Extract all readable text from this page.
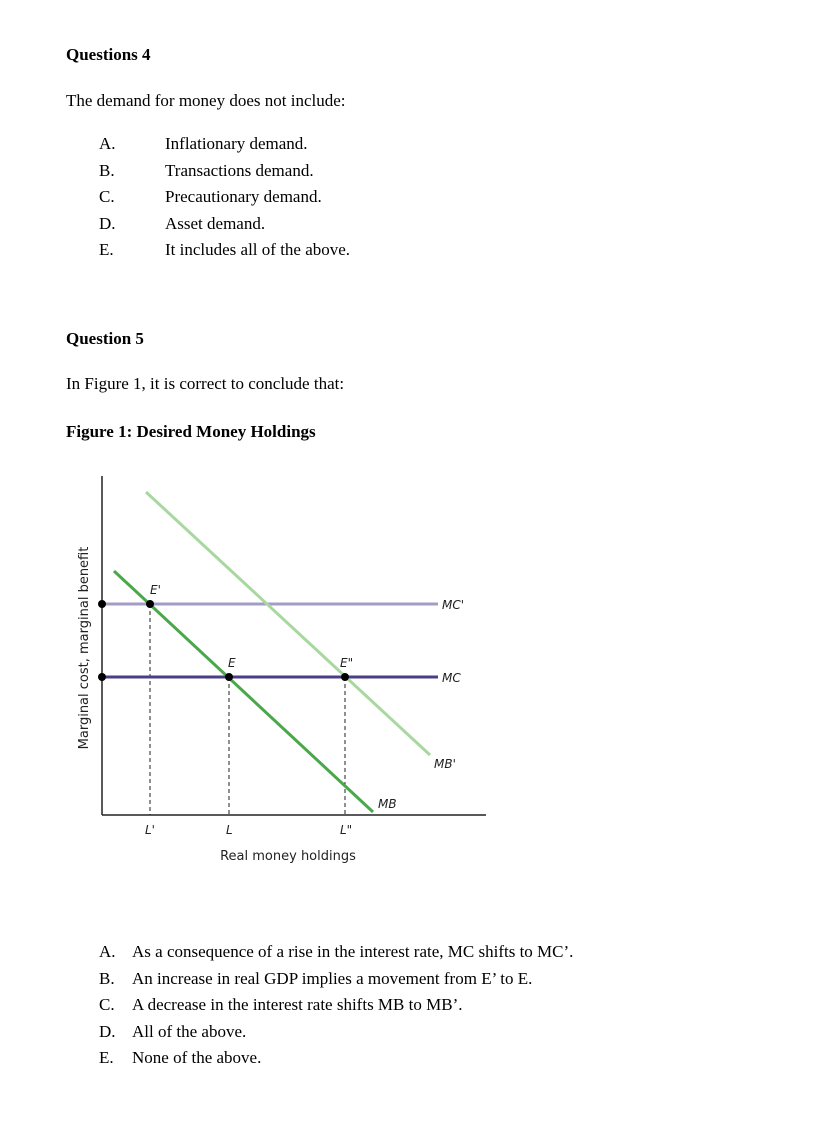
Questions 4
The demand for money does not include:
A.	Inflationary demand.
B.	Transactions demand.
C.	Precautionary demand.
D.	Asset demand.
E.	It includes all of the above.
Question 5
In Figure 1, it is correct to conclude that:
Figure 1: Desired Money Holdings
MC'
MC
MB
MB'
E'
E	E"
L'	L	L"
Real money holdings
Marginal cost, marginal benefit
A. As a consequence of a rise in the interest rate, MC shifts to MC’.
B. An increase in real GDP implies a movement from E’ to E.
C. A decrease in the interest rate shifts MB to MB’.
D. All of the above.
E. None of the above.
